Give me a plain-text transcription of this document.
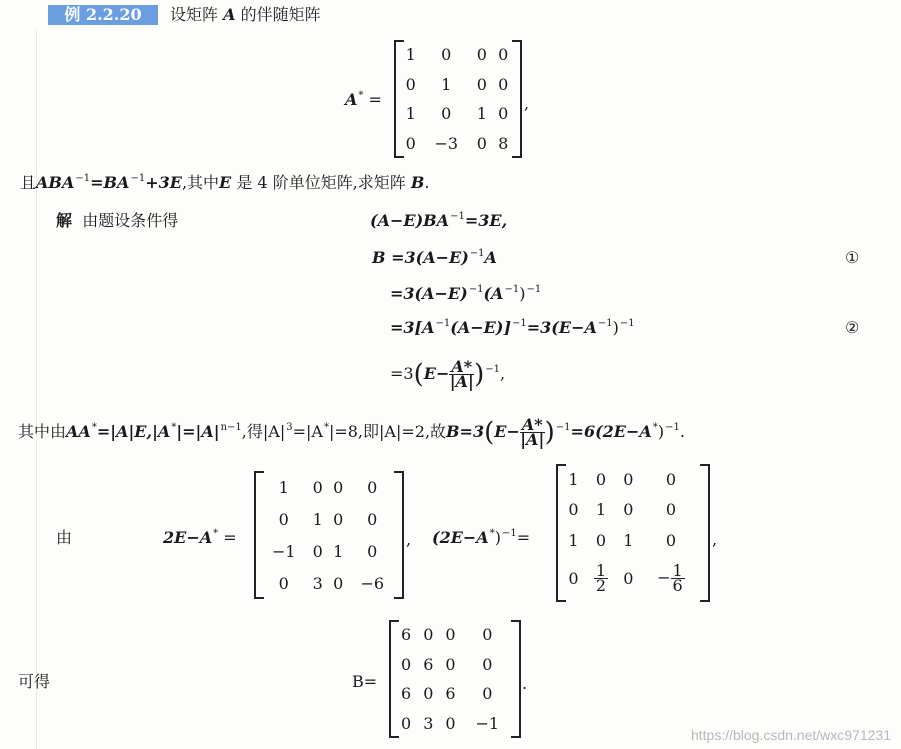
例 2.2.20	设矩阵 A 的伴随矩阵
A* =
1	0	0	0
0	1	0	0
1	0	1	0
0	−3	0	8
,
且$ABA^{-1}=BA^{-1}+3E$,其中E 是 4 阶单位矩阵,求矩阵 B.
解 由题设条件得	$(A-E)BA^{-1}=3E$,
$B =3(A-E)^{-1}A$	①
$=3(A-E)^{-1}(A^{-1})^{-1}$
$=3[A^{-1}(A-E)]^{-1}=3(E-A^{-1})^{-1}$	②
$=3(E- \frac{A*}{|A|} )^{-1}$,
其中由$AA^*=|A|E,|A^*|=|A|^{n-1}$,得$|A|^3=|A^*|=8$,即|A|=2,故$B=3(E- \frac{A*}{|A|} )^{-1}=6(2E-A^*)^{-1}$.
由	2E−A* =
1	0	0	0
0	1	0	0
−1	0	1	0
0	3	0	−6
, $(2E-A^*)^{-1}=$
1	0	0	0
0	1	0	0
1	0	1	0
0	$\frac{1}{2}$	0	− $\frac{1}{6}$
,
可得	B=
6	0	0	0
0	6	0	0
6	0	6	0
0	3	0	−1
.
https://blog.csdn.net/wxc971231
